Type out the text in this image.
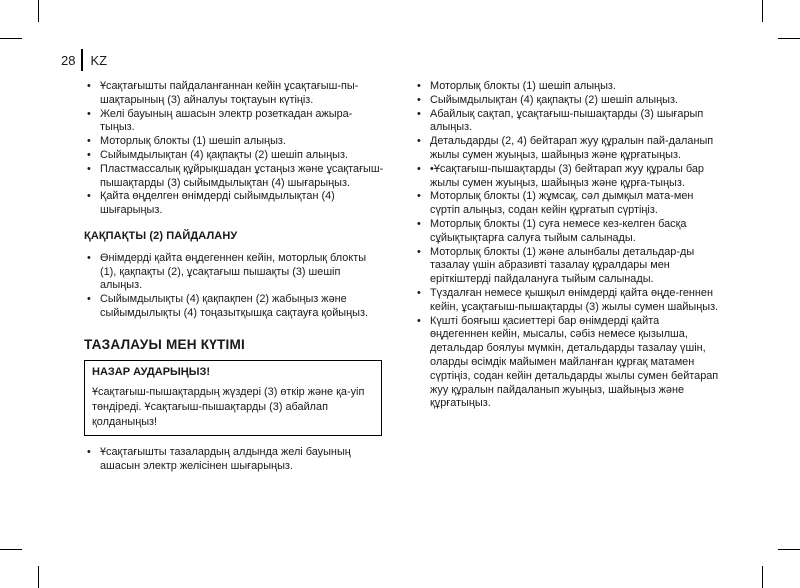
28 KZ
• Ұсақтағышты пайдаланғаннан кейін ұсақтағыш-пы-шақтарының (3) айналуы тоқтауын күтіңіз.
• Желі бауының ашасын электр розеткадан ажыра-тыңыз.
• Моторлық блокты (1) шешіп алыңыз.
• Сыйымдылықтан (4) қақпақты (2) шешіп алыңыз.
• Пластмассалық құйрықшадан ұстаңыз және ұсақтағыш-пышақтарды (3) сыйымдылықтан (4) шығарыңыз.
• Қайта өңделген өнімдерді сыйымдылықтан (4) шығарыңыз.
ҚАҚПАҚТЫ (2) ПАЙДАЛАНУ
• Өнімдерді қайта өңдегеннен кейін, моторлық блокты (1), қақпақты (2), ұсақтағыш пышақты (3) шешіп алыңыз.
• Сыйымдылықты (4) қақпақпен (2) жабыңыз және сыйымдылықты (4) тоңазытқышқа сақтауға қойыңыз.
ТАЗАЛАУЫ МЕН КҮТІМІ
НАЗАР АУДАРЫҢЫЗ!
Ұсақтағыш-пышақтардың жүздері (3) өткір және қа-уіп төндіреді. Ұсақтағыш-пышақтарды (3) абайлап қолданыңыз!
• Ұсақтағышты тазалардың алдында желі бауының ашасын электр желісінен шығарыңыз.
• Моторлық блокты (1) шешіп алыңыз.
• Сыйымдылықтан (4) қақпақты (2) шешіп алыңыз.
• Абайлық сақтап, ұсақтағыш-пышақтарды (3) шығарып алыңыз.
• Детальдарды (2, 4) бейтарап жуу құралын пай-даланып жылы сумен жуыңыз, шайыңыз және құрғатыңыз.
• •Ұсақтағыш-пышақтарды (3) бейтарап жуу құралы бар жылы сумен жуыңыз, шайыңыз және құрға-тыңыз.
• Моторлық блокты (1) жұмсақ, сәл дымқыл мата-мен сүртіп алыңыз, содан кейін құрғатып сүртіңіз.
• Моторлық блокты (1) суға немесе кез-келген басқа сұйықтықтарға салуға тыйым салынады.
• Моторлық блокты (1) және алынбалы детальдар-ды тазалау үшін абразивті тазалау құралдары мен еріткіштерді пайдалануға тыйым салынады.
• Түздалған немесе қышқыл өнімдерді қайта өңде-геннен кейін, ұсақтағыш-пышақтарды (3) жылы сумен шайыңыз.
• Күшті бояғыш қасиеттері бар өнімдерді қайта өңдегеннен кейін, мысалы, сәбіз немесе қызылша, детальдар боялуы мүмкін, детальдарды тазалау үшін, оларды өсімдік майымен майланған құрғақ матамен сүртіңіз, содан кейін детальдарды жылы сумен бейтарап жуу құралын пайдаланып жуыңыз, шайыңыз және құрғатыңыз.
